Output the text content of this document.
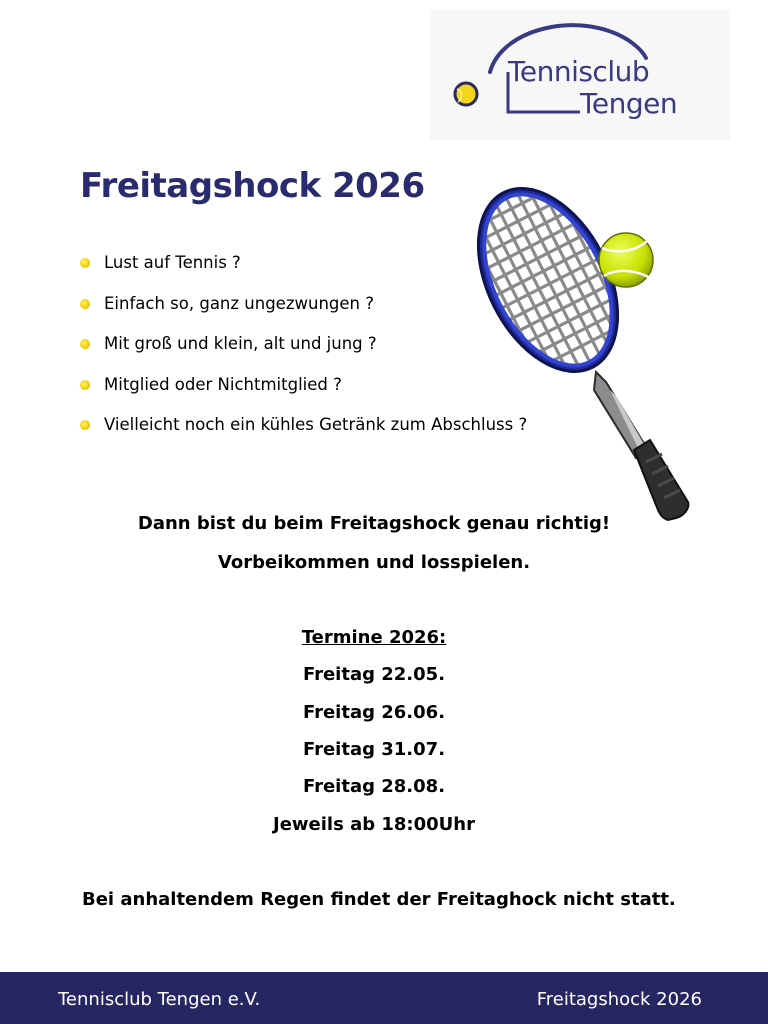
Tennisclub
Tengen
Freitagshock 2026
Lust auf Tennis ?
Einfach so, ganz ungezwungen ?
Mit groß und klein, alt und jung ?
Mitglied oder Nichtmitglied ?
Vielleicht noch ein kühles Getränk zum Abschluss ?
Dann bist du beim Freitagshock genau richtig!
Vorbeikommen und losspielen.
Termine 2026:
Freitag 22.05.
Freitag 26.06.
Freitag 31.07.
Freitag 28.08.
Jeweils ab 18:00Uhr
Bei anhaltendem Regen findet der Freitaghock nicht statt.
Tennisclub Tengen e.V.	Freitagshock 2026
